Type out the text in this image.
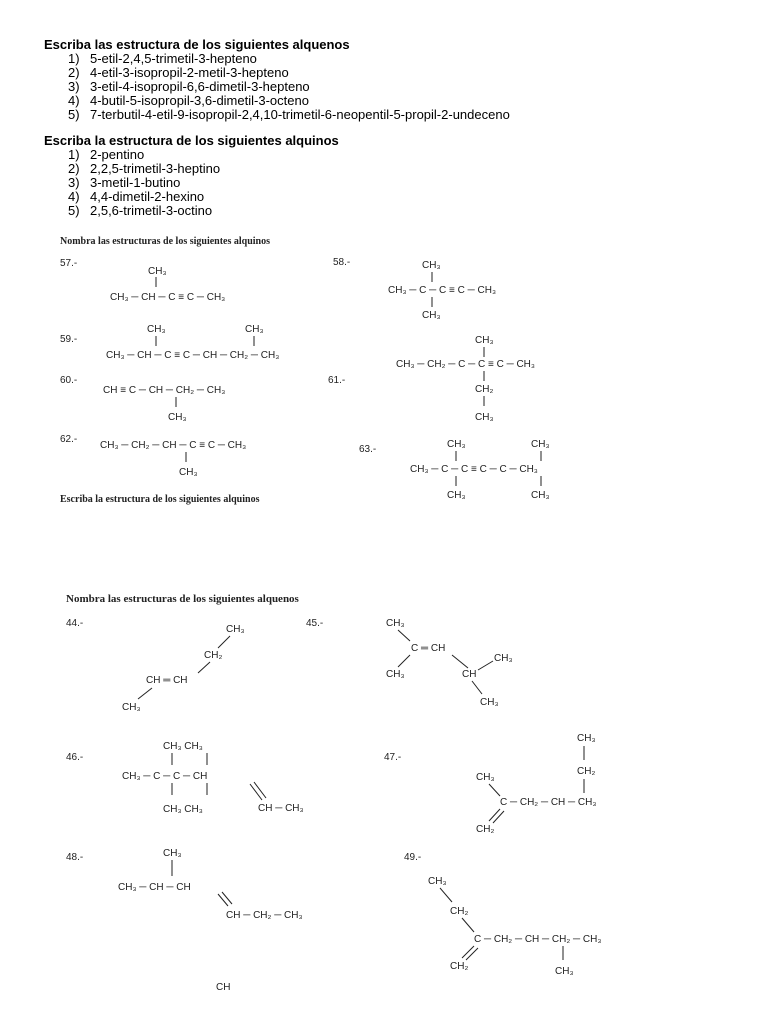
Escriba las estructura de los siguientes alquenos
1) 5-etil-2,4,5-trimetil-3-hepteno
2) 4-etil-3-isopropil-2-metil-3-hepteno
3) 3-etil-4-isopropil-6,6-dimetil-3-hepteno
4) 4-butil-5-isopropil-3,6-dimetil-3-octeno
5) 7-terbutil-4-etil-9-isopropil-2,4,10-trimetil-6-neopentil-5-propil-2-undeceno
Escriba la estructura de los siguientes alquinos
1) 2-pentino
2) 2,2,5-trimetil-3-heptino
3) 3-metil-1-butino
4) 4,4-dimetil-2-hexino
5) 2,5,6-trimetil-3-octino
Nombra las estructuras de los siguientes alquinos
57.-
CH₃
CH₃ ─ CH ─ C ≡ C ─ CH₃
58.-	CH₃
CH₃ ─ C ─ C ≡ C ─ CH₃
CH₃
59.-
CH₃	CH₃
CH₃ ─ CH ─ C ≡ C ─ CH ─ CH₂ ─ CH₃
60.-
CH ≡ C ─ CH ─ CH₂ ─ CH₃
CH₃
61.-
CH₃
CH₃ ─ CH₂ ─ C ─ C ≡ C ─ CH₃
CH₂
CH₃
62.-
CH₃ ─ CH₂ ─ CH ─ C ≡ C ─ CH₃
CH₃
63.-	CH₃	CH₃
CH₃ ─ C ─ C ≡ C ─ C ─ CH₃
CH₃	CH₃
Escriba la estructura de los siguientes alquinos
Nombra las estructuras de los siguientes alquenos
44.-
CH₃
CH₂
CH ═ CH
CH₃
45.-	CH₃
C ═ CH
CH₃	CH
CH₃
CH₃
46.-
CH₃ CH₃
CH₃ ─ C ─ C ─ CH
CH₃ CH₃	CH ─ CH₃
47.-
CH₃
CH₂
CH₃
C ─ CH₂ ─ CH ─ CH₃
CH₂
48.-	CH₃
CH₃ ─ CH ─ CH
CH ─ CH₂ ─ CH₃
49.-
CH₃
CH₂
C ─ CH₂ ─ CH ─ CH₂ ─ CH₃
CH₂	CH₃
CH
